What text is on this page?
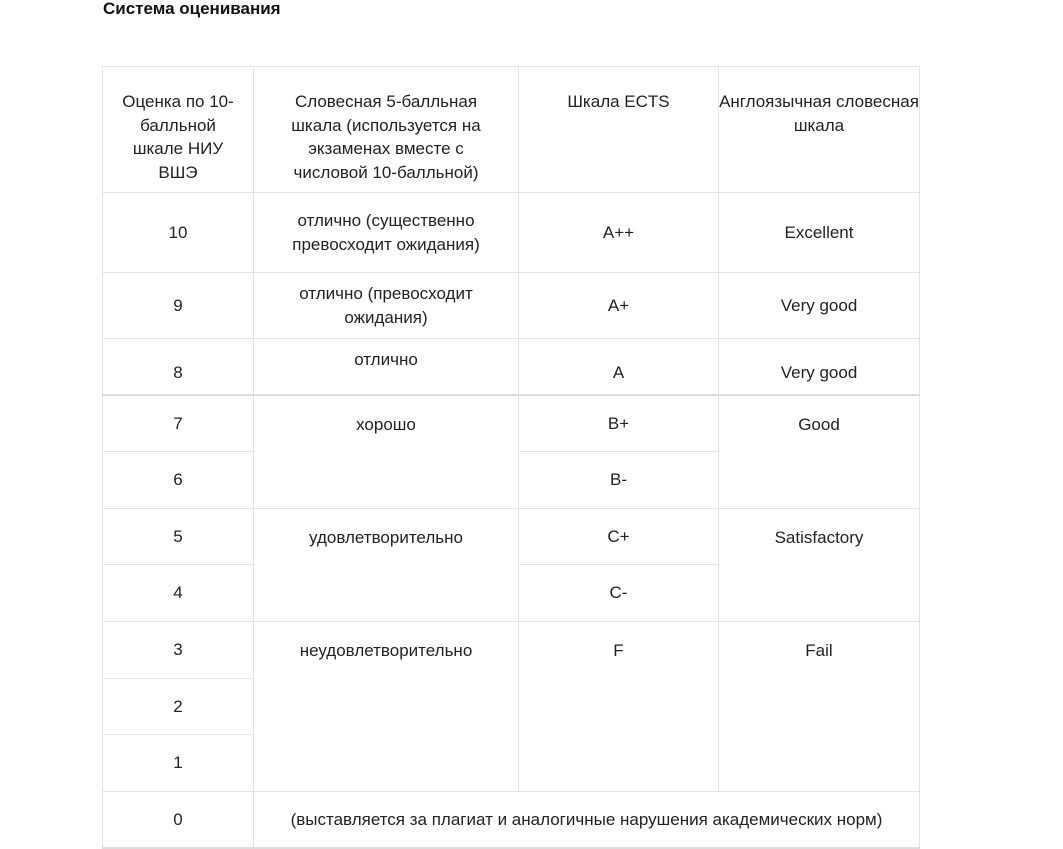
Система оценивания
Оценка по 10-балльной шкале НИУ ВШЭ	Словесная 5-балльная шкала (используется на экзаменах вместе с числовой 10-балльной)	Шкала ECTS	Англоязычная словесная шкала
10	отлично (существенно превосходит ожидания)	A++	Excellent
9	отлично (превосходит ожидания)	A+	Very good
8	отлично	A	Very good
7	хорошо	B+	Good
6		B-	
5	удовлетворительно	C+	Satisfactory
4		C-	
3	неудовлетворительно	F	Fail
2			
1			
0	(выставляется за плагиат и аналогичные нарушения академических норм)		
